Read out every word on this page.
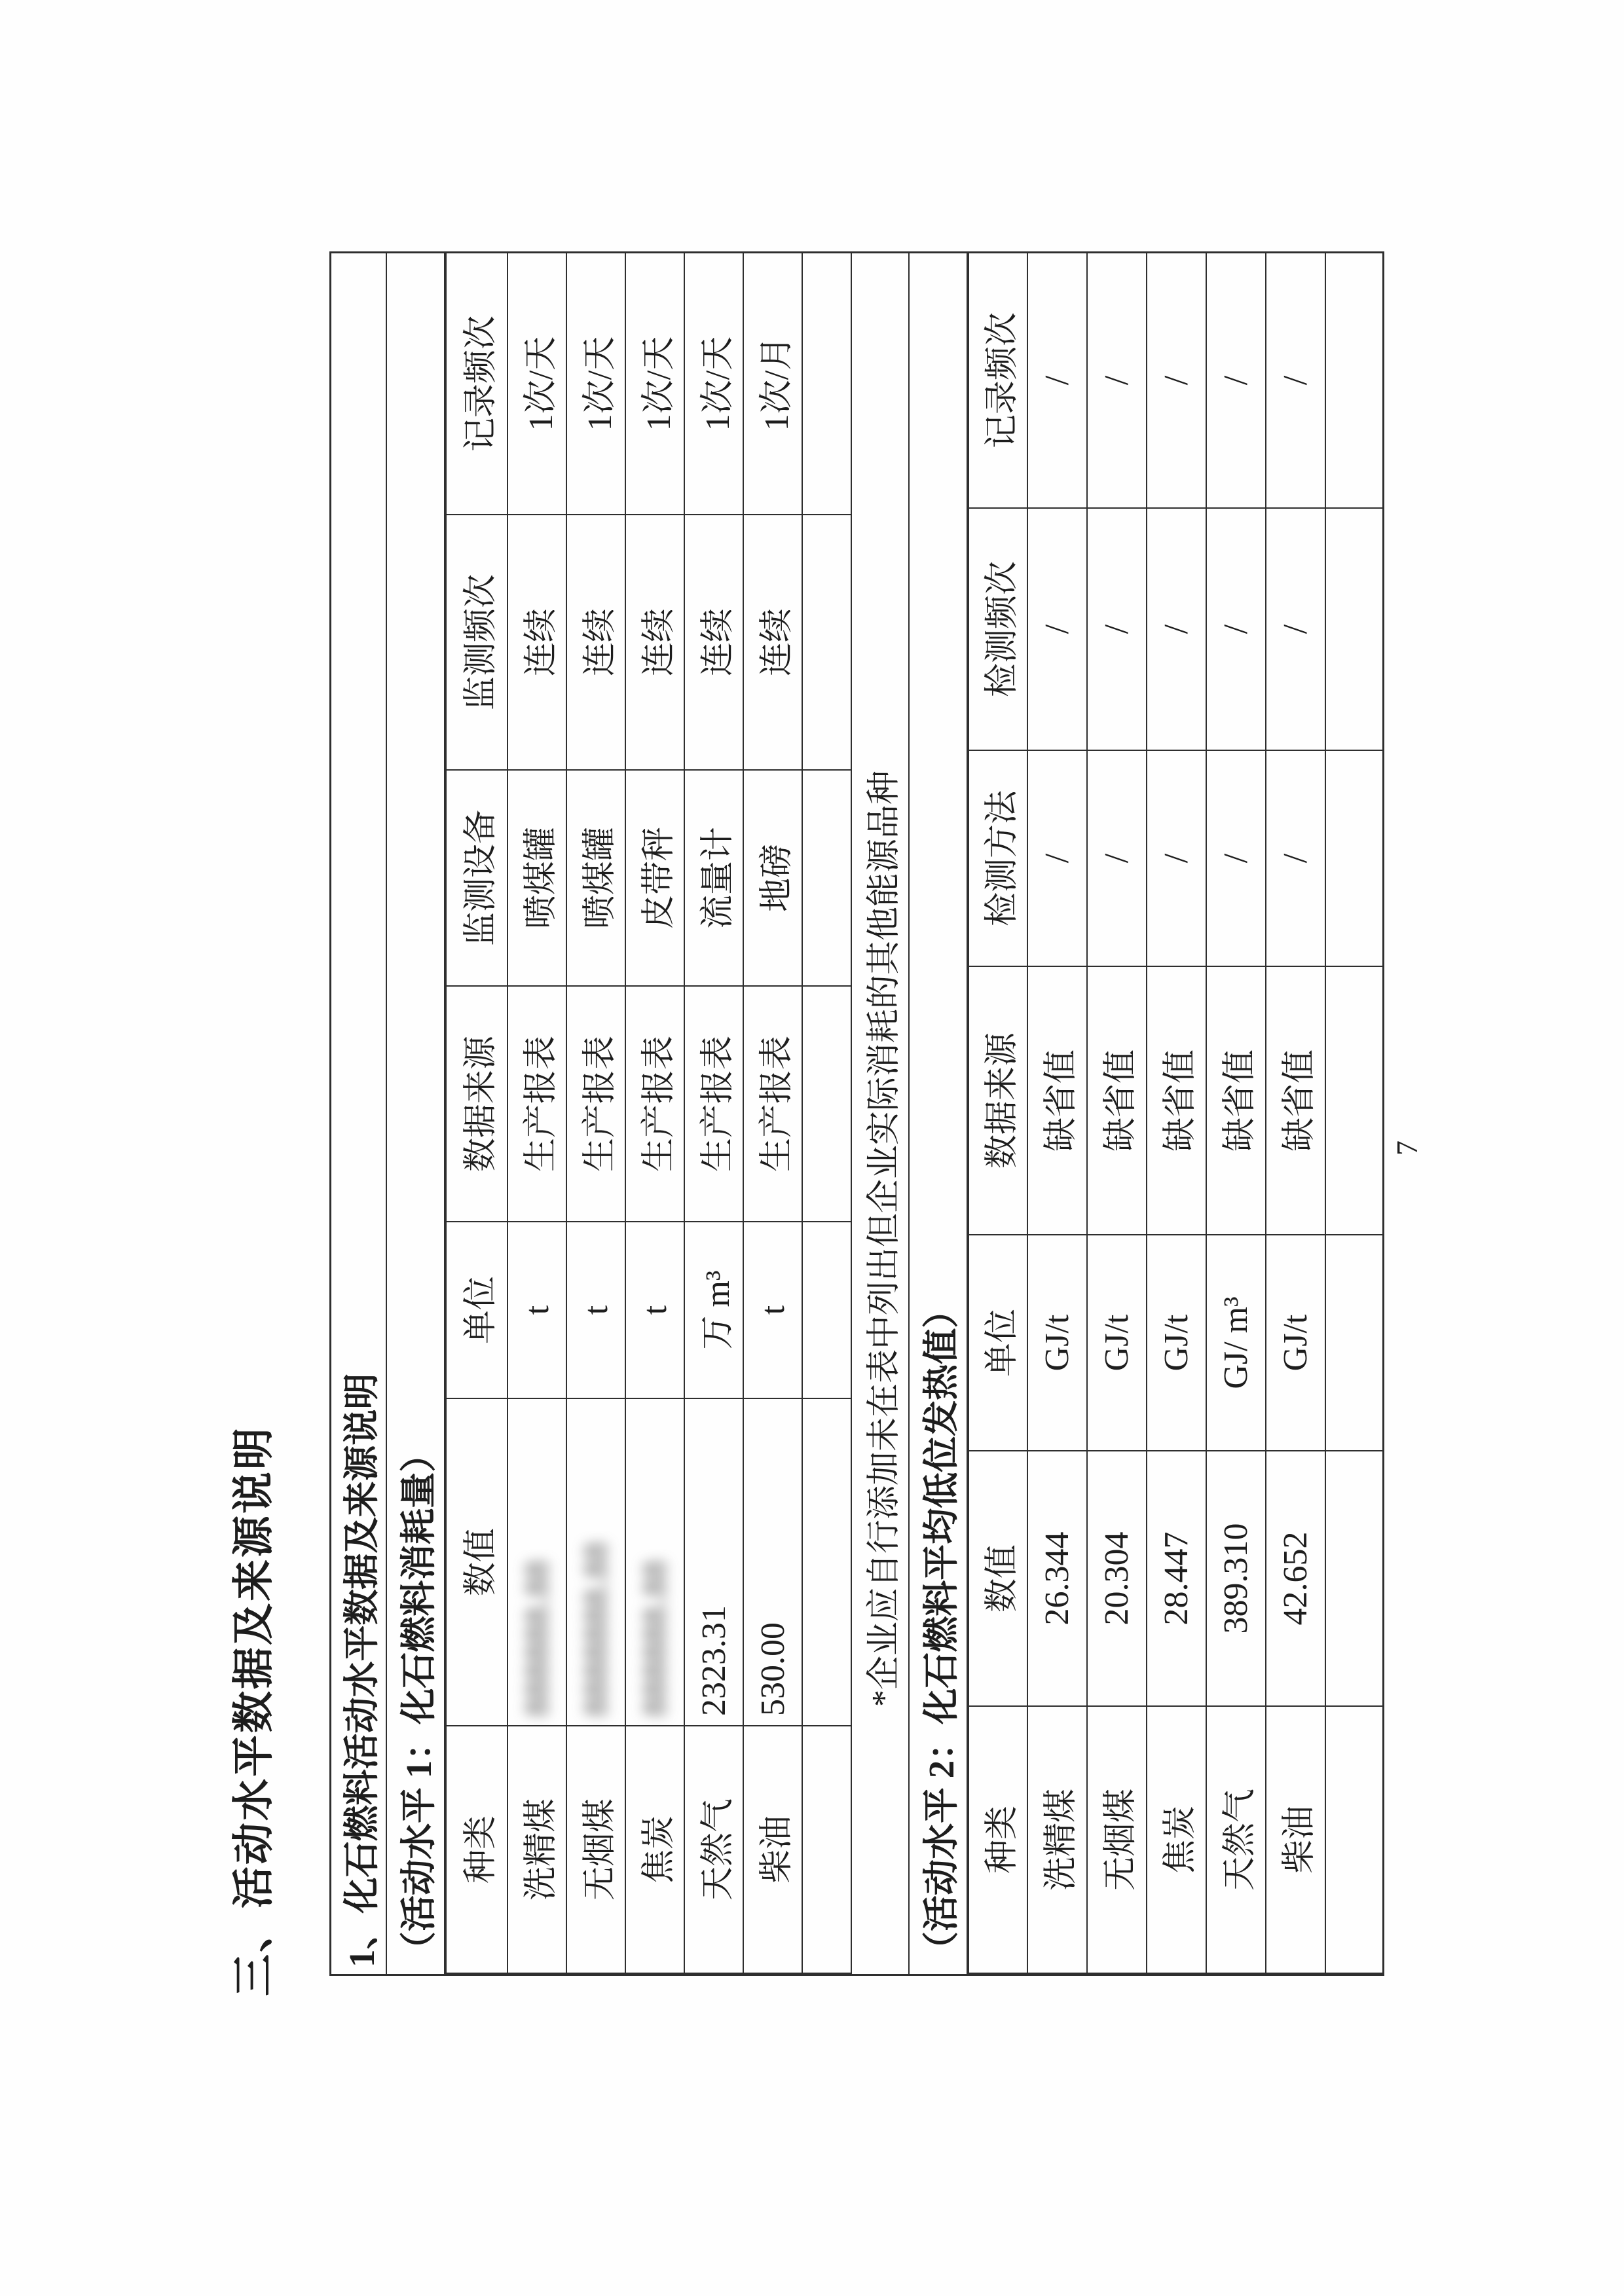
三、活动水平数据及来源说明 1、化石燃料活动水平数据及来源说明 （活动水平 1：化石燃料消耗量） 种类	数值	单位	数据来源	监测设备	监测频次	记录频次
洗精煤	888888.88	t	生产报表	喷煤罐	连续	1次/天
无烟煤	8888888.88	t	生产报表	喷煤罐	连续	1次/天
焦炭	888888.88	t	生产报表	皮带秤	连续	1次/天
天然气	2323.31	万 m³	生产报表	流量计	连续	1次/天
柴油	530.00	t	生产报表	地磅	连续	1次/月

*企业应自行添加未在表中列出但企业实际消耗的其他能源品种 （活动水平 2：化石燃料平均低位发热值） 种类	数值	单位	数据来源	检测方法	检测频次	记录频次
洗精煤	26.344	GJ/t	缺省值	/	/	/
无烟煤	20.304	GJ/t	缺省值	/	/	/
焦炭	28.447	GJ/t	缺省值	/	/	/
天然气	389.310	GJ/ m³	缺省值	/	/	/
柴油	42.652	GJ/t	缺省值	/	/	/

7
